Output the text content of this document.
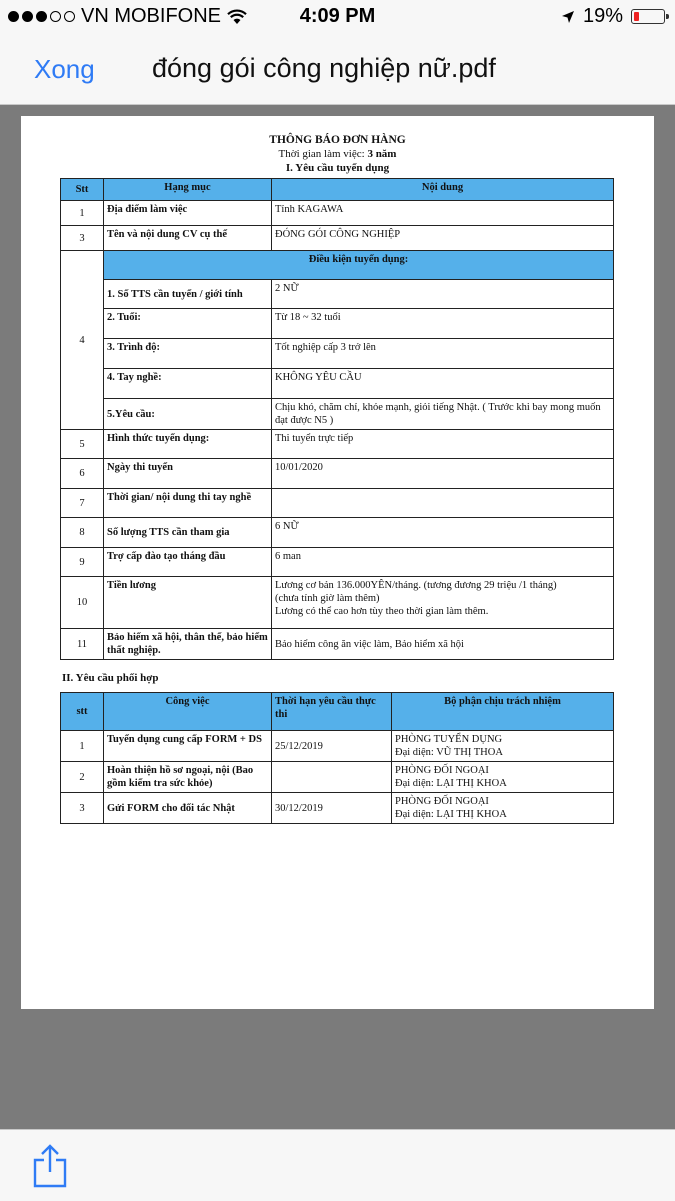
VN MOBIFONE	4:09 PM	19%
Xong đóng gói công nghiệp nữ.pdf
THÔNG BÁO ĐƠN HÀNG
Thời gian làm việc: 3 năm
I. Yêu cầu tuyển dụng
Stt	Hạng mục	Nội dung
1	Địa điểm làm việc	Tỉnh KAGAWA
3	Tên và nội dung CV cụ thể	ĐÓNG GÓI CÔNG NGHIỆP
4	Điều kiện tuyển dụng:	
	1. Số TTS cần tuyển / giới tính	2 NỮ
	2. Tuổi:	Từ 18 ~ 32 tuổi
	3. Trình độ:	Tốt nghiệp cấp 3 trở lên
	4. Tay nghề:	KHÔNG YÊU CẦU
	5.Yêu cầu:	Chịu khó, chăm chỉ, khỏe mạnh, giỏi tiếng Nhật. ( Trước khi bay mong muốn đạt được N5 )
5	Hình thức tuyển dụng:	Thi tuyển trực tiếp
6	Ngày thi tuyển	10/01/2020
7	Thời gian/ nội dung thi tay nghề	
8	Số lượng TTS cần tham gia	6 NỮ
9	Trợ cấp đào tạo tháng đầu	6 man
10	Tiền lương	Lương cơ bản 136.000YÊN/tháng. (tương đương 29 triệu /1 tháng)
(chưa tính giờ làm thêm)
Lương có thể cao hơn tùy theo thời gian làm thêm.

11	Bảo hiểm xã hội, thân thể, bảo hiểm thất nghiệp.	Bảo hiểm công ăn việc làm, Bảo hiểm xã hội
II. Yêu cầu phối hợp
stt	Công việc	Thời hạn yêu cầu thực thi	Bộ phận chịu trách nhiệm
1	Tuyển dụng cung cấp FORM + DS	25/12/2019	PHÒNG TUYỂN DỤNG
Đại diện: VŨ THỊ THOA

2	Hoàn thiện hồ sơ ngoại, nội (Bao gồm kiểm tra sức khỏe)		PHÒNG ĐỐI NGOẠI
Đại diện: LẠI THỊ KHOA

3	Gửi FORM cho đối tác Nhật	30/12/2019	PHÒNG ĐỐI NGOẠI
Đại diện: LẠI THỊ KHOA
